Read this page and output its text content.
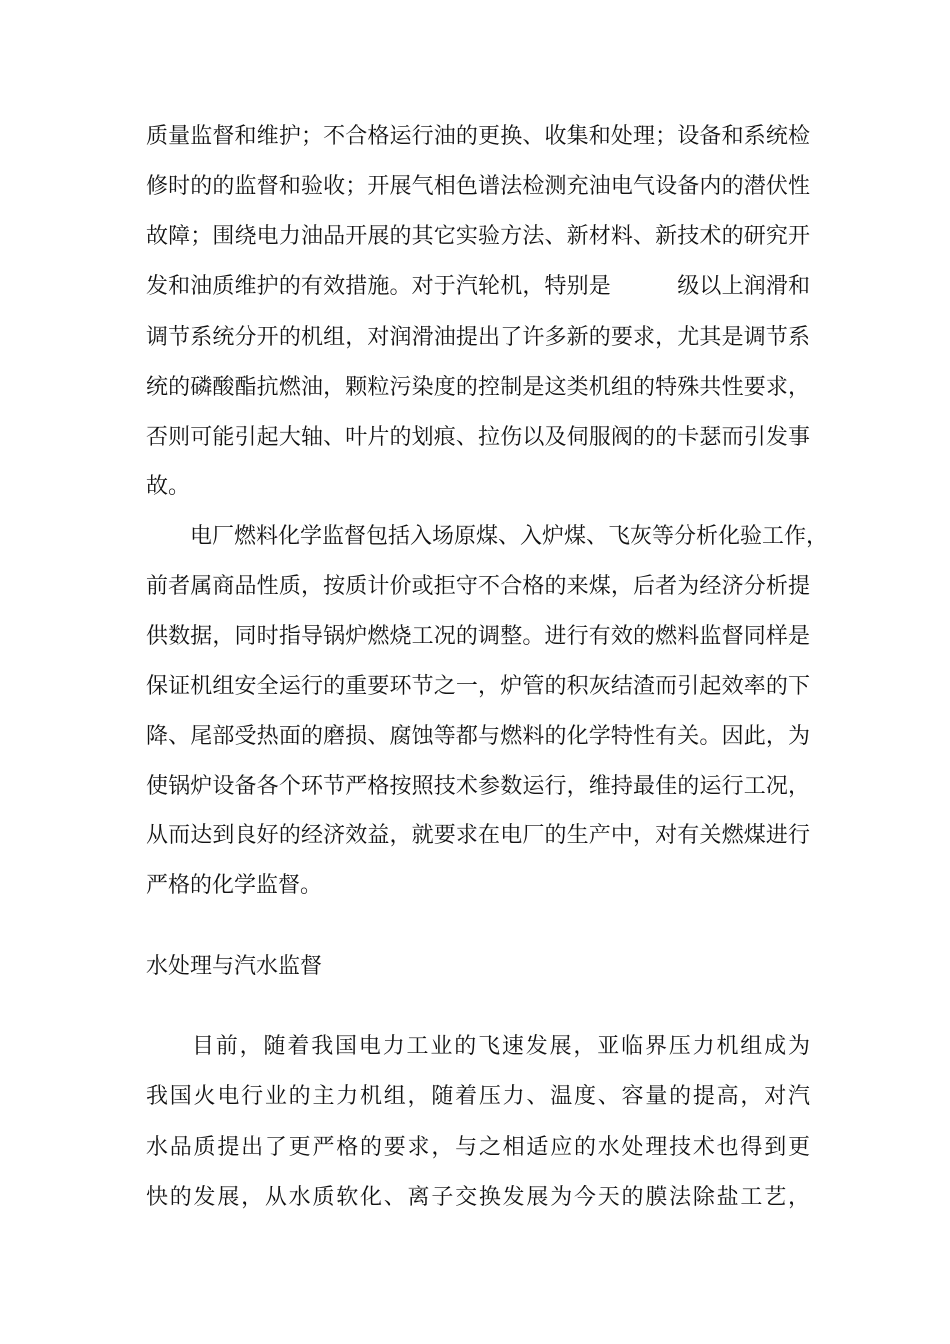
质量监督和维护；不合格运行油的更换、收集和处理；设备和系统检
修时的的监督和验收；开展气相色谱法检测充油电气设备内的潜伏性
故障；围绕电力油品开展的其它实验方法、新材料、新技术的研究开
发和油质维护的有效措施。对于汽轮机，特别是　　　级以上润滑和
调节系统分开的机组，对润滑油提出了许多新的要求，尤其是调节系
统的磷酸酯抗燃油，颗粒污染度的控制是这类机组的特殊共性要求，
否则可能引起大轴、叶片的划痕、拉伤以及伺服阀的的卡瑟而引发事
故。
电厂燃料化学监督包括入场原煤、入炉煤、飞灰等分析化验工作，
前者属商品性质，按质计价或拒守不合格的来煤，后者为经济分析提
供数据，同时指导锅炉燃烧工况的调整。进行有效的燃料监督同样是
保证机组安全运行的重要环节之一，炉管的积灰结渣而引起效率的下
降、尾部受热面的磨损、腐蚀等都与燃料的化学特性有关。因此，为
使锅炉设备各个环节严格按照技术参数运行，维持最佳的运行工况，
从而达到良好的经济效益，就要求在电厂的生产中，对有关燃煤进行
严格的化学监督。
水处理与汽水监督
目前，随着我国电力工业的飞速发展，亚临界压力机组成为
我国火电行业的主力机组，随着压力、温度、容量的提高，对汽
水品质提出了更严格的要求，与之相适应的水处理技术也得到更
快的发展，从水质软化、离子交换发展为今天的膜法除盐工艺，
